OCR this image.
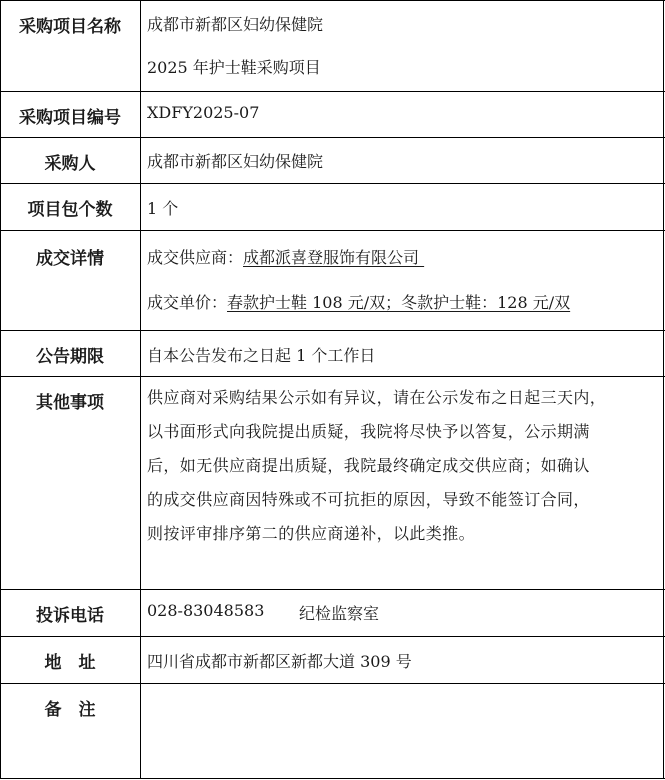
采购项目名称	成都市新都区妇幼保健院
2025 年护士鞋采购项目
采购项目编号	XDFY2025-07
采购人	成都市新都区妇幼保健院
项目包个数	1 个
成交详情	成交供应商：成都派喜登服饰有限公司
成交单价：春款护士鞋 108 元/双；冬款护士鞋：128 元/双
公告期限	自本公告发布之日起 1 个工作日
其他事项	供应商对采购结果公示如有异议，请在公示发布之日起三天内，
以书面形式向我院提出质疑，我院将尽快予以答复，公示期满
后，如无供应商提出质疑，我院最终确定成交供应商；如确认
的成交供应商因特殊或不可抗拒的原因，导致不能签订合同，
则按评审排序第二的供应商递补，以此类推。
投诉电话	028-83048583 纪检监察室
地　址	四川省成都市新都区新都大道 309 号
备　注
